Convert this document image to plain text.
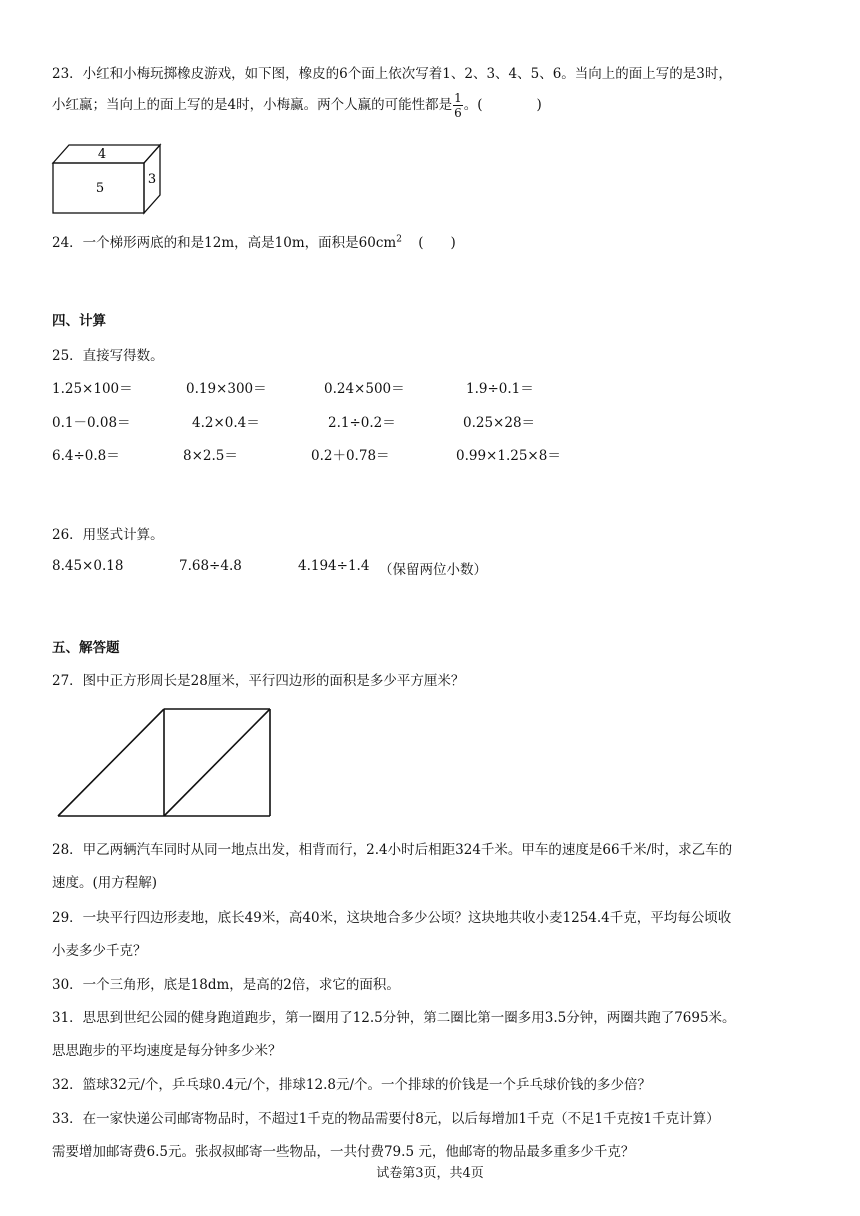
23．小红和小梅玩掷橡皮游戏，如下图，橡皮的6个面上依次写着1、2、3、4、5、6。当向上的面上写的是3时，
小红赢；当向上的面上写的是4时，小梅赢。两个人赢的可能性都是 $\frac{1}{6}$ 。(　　　　)
4
5
3
24．一个梯形两底的和是12m，高是10m，面积是$60cm^2$ (　　)
四、计算
25．直接写得数。
1.25×100＝	0.19×300＝	0.24×500＝	1.9÷0.1＝
0.1－0.08＝	4.2×0.4＝	2.1÷0.2＝	0.25×28＝
6.4÷0.8＝	8×2.5＝	0.2＋0.78＝	0.99×1.25×8＝
26．用竖式计算。
8.45×0.18	7.68÷4.8	4.194÷1.4 （保留两位小数）
五、解答题
27．图中正方形周长是28厘米，平行四边形的面积是多少平方厘米？
28．甲乙两辆汽车同时从同一地点出发，相背而行，2.4小时后相距324千米。甲车的速度是66千米/时，求乙车的
速度。(用方程解)
29．一块平行四边形麦地，底长49米，高40米，这块地合多少公顷？这块地共收小麦1254.4千克，平均每公顷收
小麦多少千克？
30．一个三角形，底是18dm，是高的2倍，求它的面积。
31．思思到世纪公园的健身跑道跑步，第一圈用了12.5分钟，第二圈比第一圈多用3.5分钟，两圈共跑了7695米。
思思跑步的平均速度是每分钟多少米？
32．篮球32元/个，乒乓球0.4元/个，排球12.8元/个。一个排球的价钱是一个乒乓球价钱的多少倍？
33．在一家快递公司邮寄物品时，不超过1千克的物品需要付8元，以后每增加1千克（不足1千克按1千克计算）
需要增加邮寄费6.5元。张叔叔邮寄一些物品，一共付费79.5 元，他邮寄的物品最多重多少千克？
试卷第3页，共4页
